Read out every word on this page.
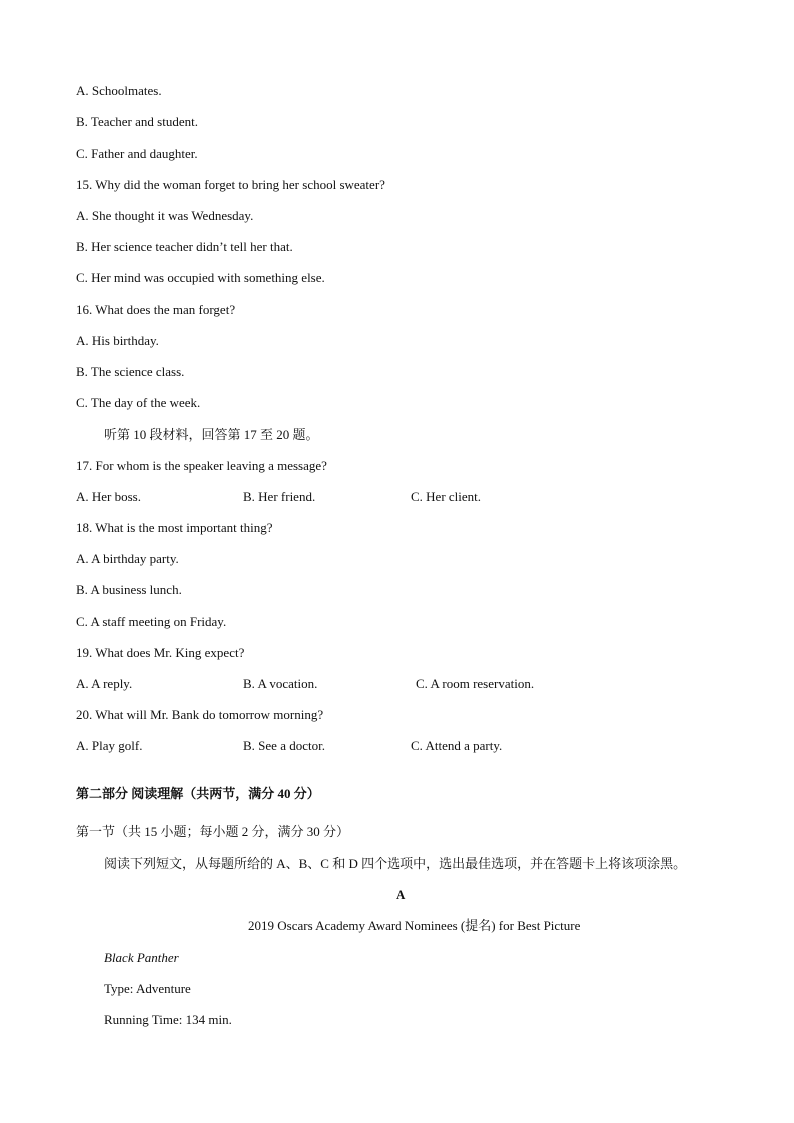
A. Schoolmates.
B. Teacher and student.
C. Father and daughter.
15. Why did the woman forget to bring her school sweater?
A. She thought it was Wednesday.
B. Her science teacher didn’t tell her that.
C. Her mind was occupied with something else.
16. What does the man forget?
A. His birthday.
B. The science class.
C. The day of the week.
听第 10 段材料，回答第 17 至 20 题。
17. For whom is the speaker leaving a message?
A. Her boss.	B. Her friend.	C. Her client.
18. What is the most important thing?
A. A birthday party.
B. A business lunch.
C. A staff meeting on Friday.
19. What does Mr. King expect?
A. A reply.	B. A vocation.	C. A room reservation.
20. What will Mr. Bank do tomorrow morning?
A. Play golf.	B. See a doctor.	C. Attend a party.
第二部分 阅读理解（共两节，满分 40 分）
第一节（共 15 小题；每小题 2 分，满分 30 分）
阅读下列短文，从每题所给的 A、B、C 和 D 四个选项中，选出最佳选项，并在答题卡上将该项涂黑。
A
2019 Oscars Academy Award Nominees (提名) for Best Picture
Black Panther
Type: Adventure
Running Time: 134 min.
